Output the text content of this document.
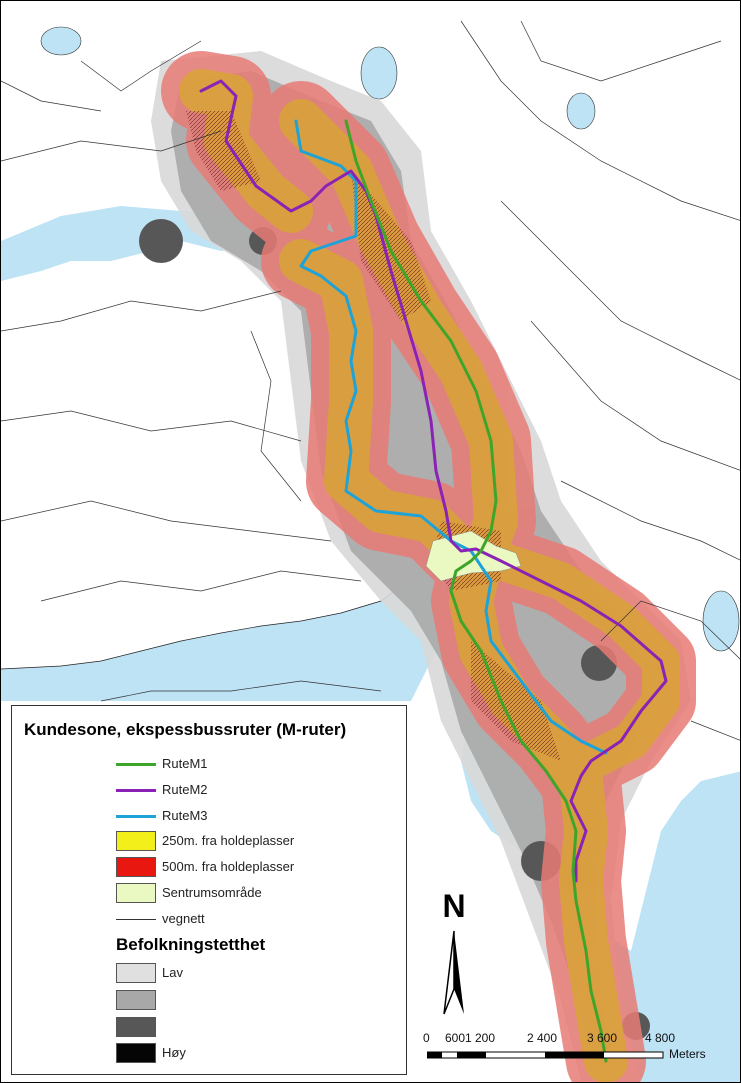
Kundesone, ekspessbussruter (M-ruter)
RuteM1
RuteM2
RuteM3
250m. fra holdeplasser
500m. fra holdeplasser
Sentrumsområde
vegnett
Befolkningstetthet
Lav
Høy
N
0 600 1 200	2 400 3 600 4 800
Meters
